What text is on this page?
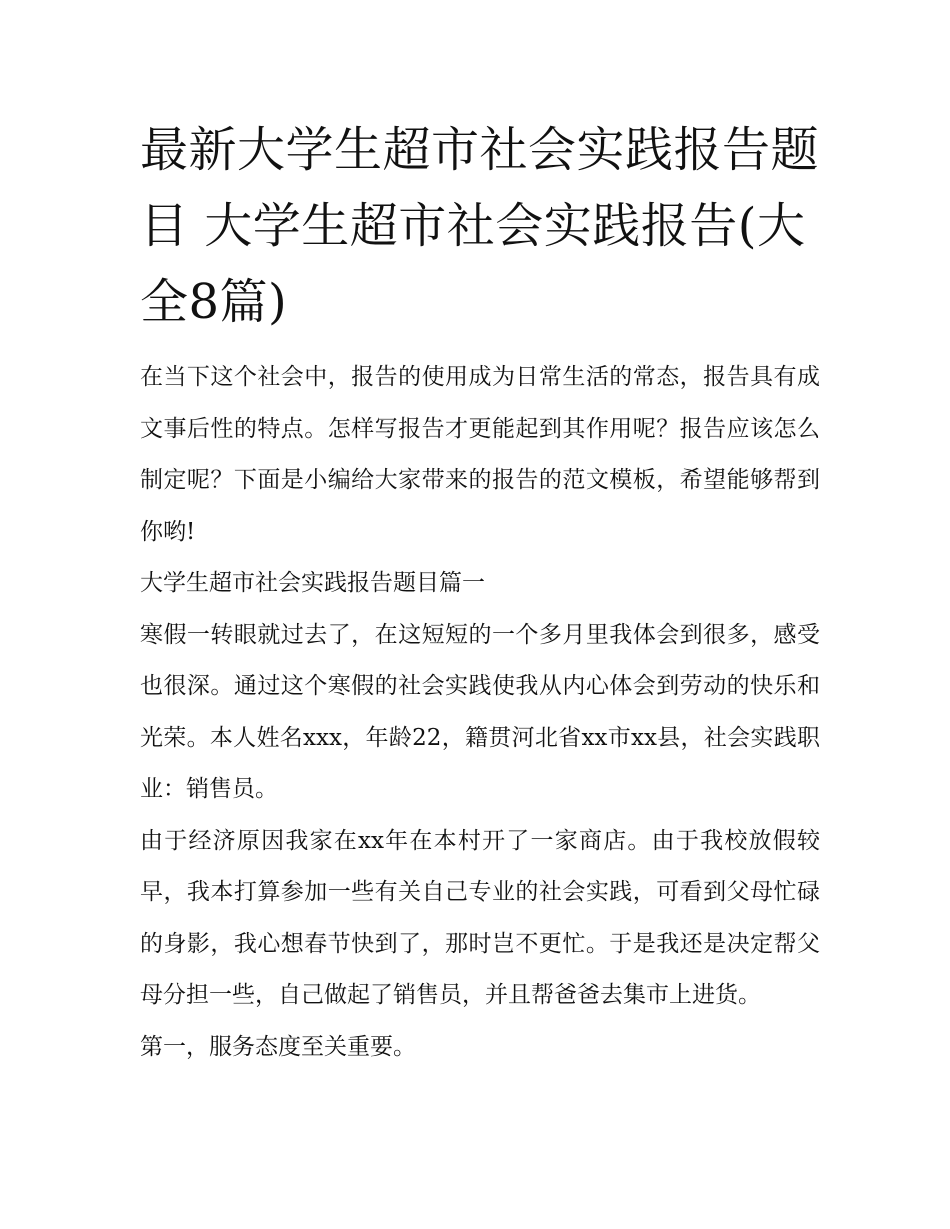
最新大学生超市社会实践报告题目 大学生超市社会实践报告(大全8篇)

在当下这个社会中，报告的使用成为日常生活的常态，报告具有成文事后性的特点。怎样写报告才更能起到其作用呢？报告应该怎么制定呢？下面是小编给大家带来的报告的范文模板，希望能够帮到你哟!

大学生超市社会实践报告题目篇一

寒假一转眼就过去了，在这短短的一个多月里我体会到很多，感受也很深。通过这个寒假的社会实践使我从内心体会到劳动的快乐和光荣。本人姓名xxx，年龄22，籍贯河北省xx市xx县，社会实践职业：销售员。

由于经济原因我家在xx年在本村开了一家商店。由于我校放假较早，我本打算参加一些有关自己专业的社会实践，可看到父母忙碌的身影，我心想春节快到了，那时岂不更忙。于是我还是决定帮父母分担一些，自己做起了销售员，并且帮爸爸去集市上进货。

第一，服务态度至关重要。
